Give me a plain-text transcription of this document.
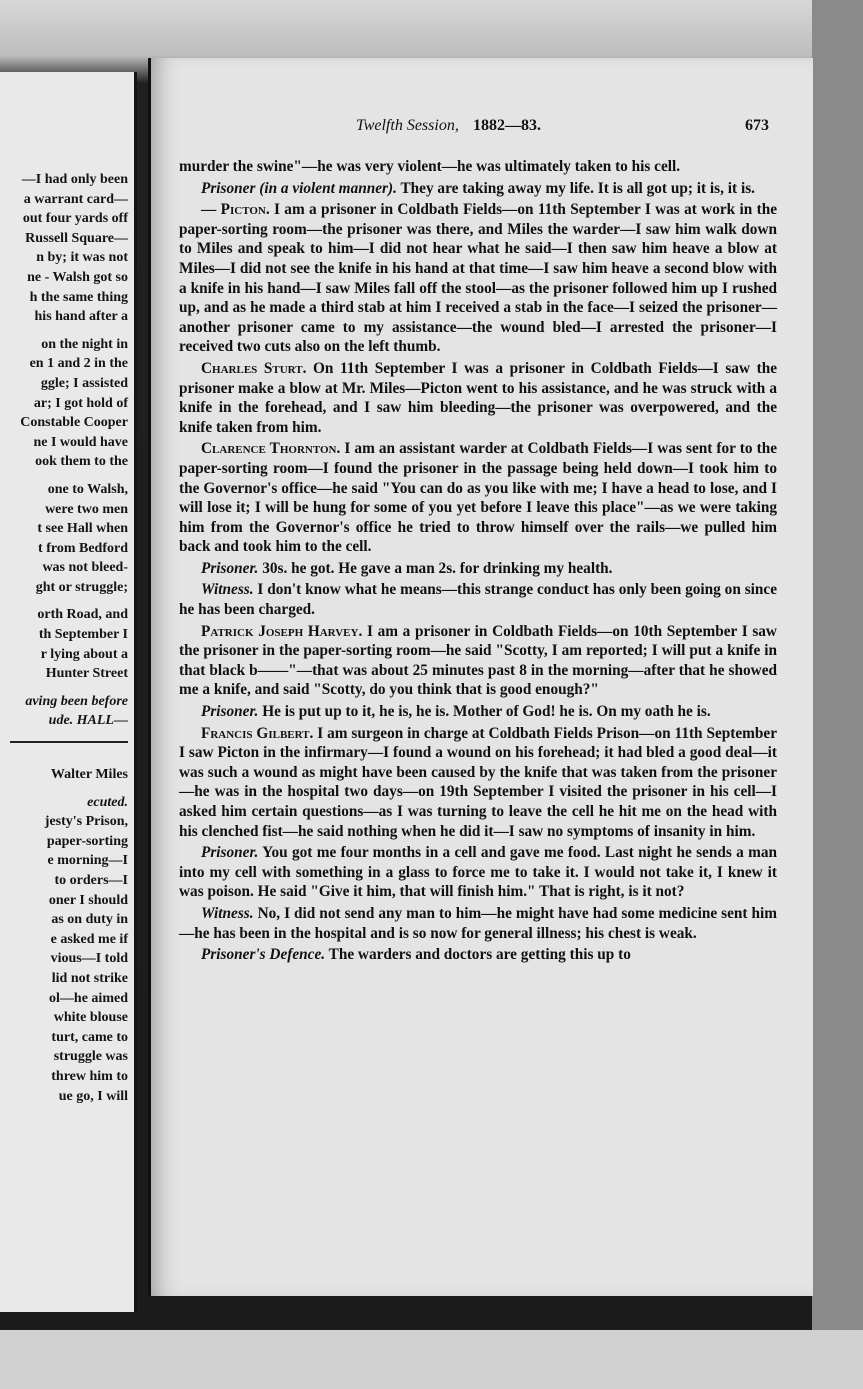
—I had only been
a warrant card—
out four yards off
Russell Square—
n by; it was not
ne - Walsh got so
h the same thing
his hand after a
on the night in
en 1 and 2 in the
ggle; I assisted
ar; I got hold of
Constable Cooper
ne I would have
ook them to the
one to Walsh,
were two men
t see Hall when
t from Bedford
was not bleed-
ght or struggle;
orth Road, and
th September I
r lying about a
Hunter Street
aving been before
ude. HALL—
Walter Miles
ecuted.
jesty's Prison,
paper-sorting
e morning—I
to orders—I
oner I should
as on duty in
e asked me if
vious—I told
lid not strike
ol—he aimed
white blouse
turt, came to
struggle was
threw him to
ue go, I will
Twelfth Session, 1882—83.	673

murder the swine"—he was very violent—he was ultimately taken to his cell.

Prisoner (in a violent manner). They are taking away my life. It is all got up; it is, it is.

— Picton. I am a prisoner in Coldbath Fields—on 11th September I was at work in the paper-sorting room—the prisoner was there, and Miles the warder—I saw him walk down to Miles and speak to him—I did not hear what he said—I then saw him heave a blow at Miles—I did not see the knife in his hand at that time—I saw him heave a second blow with a knife in his hand—I saw Miles fall off the stool—as the prisoner followed him up I rushed up, and as he made a third stab at him I received a stab in the face—I seized the prisoner—another prisoner came to my assistance—the wound bled—I arrested the prisoner—I received two cuts also on the left thumb.

Charles Sturt. On 11th September I was a prisoner in Coldbath Fields—I saw the prisoner make a blow at Mr. Miles—Picton went to his assistance, and he was struck with a knife in the forehead, and I saw him bleeding—the prisoner was overpowered, and the knife taken from him.

Clarence Thornton. I am an assistant warder at Coldbath Fields—I was sent for to the paper-sorting room—I found the prisoner in the passage being held down—I took him to the Governor's office—he said "You can do as you like with me; I have a head to lose, and I will lose it; I will be hung for some of you yet before I leave this place"—as we were taking him from the Governor's office he tried to throw himself over the rails—we pulled him back and took him to the cell.

Prisoner. 30s. he got. He gave a man 2s. for drinking my health.

Witness. I don't know what he means—this strange conduct has only been going on since he has been charged.

Patrick Joseph Harvey. I am a prisoner in Coldbath Fields—on 10th September I saw the prisoner in the paper-sorting room—he said "Scotty, I am reported; I will put a knife in that black b——"—that was about 25 minutes past 8 in the morning—after that he showed me a knife, and said "Scotty, do you think that is good enough?"

Prisoner. He is put up to it, he is, he is. Mother of God! he is. On my oath he is.

Francis Gilbert. I am surgeon in charge at Coldbath Fields Prison—on 11th September I saw Picton in the infirmary—I found a wound on his forehead; it had bled a good deal—it was such a wound as might have been caused by the knife that was taken from the prisoner—he was in the hospital two days—on 19th September I visited the prisoner in his cell—I asked him certain questions—as I was turning to leave the cell he hit me on the head with his clenched fist—he said nothing when he did it—I saw no symptoms of insanity in him.

Prisoner. You got me four months in a cell and gave me food. Last night he sends a man into my cell with something in a glass to force me to take it. I would not take it, I knew it was poison. He said "Give it him, that will finish him." That is right, is it not?

Witness. No, I did not send any man to him—he might have had some medicine sent him—he has been in the hospital and is so now for general illness; his chest is weak.

Prisoner's Defence. The warders and doctors are getting this up to
